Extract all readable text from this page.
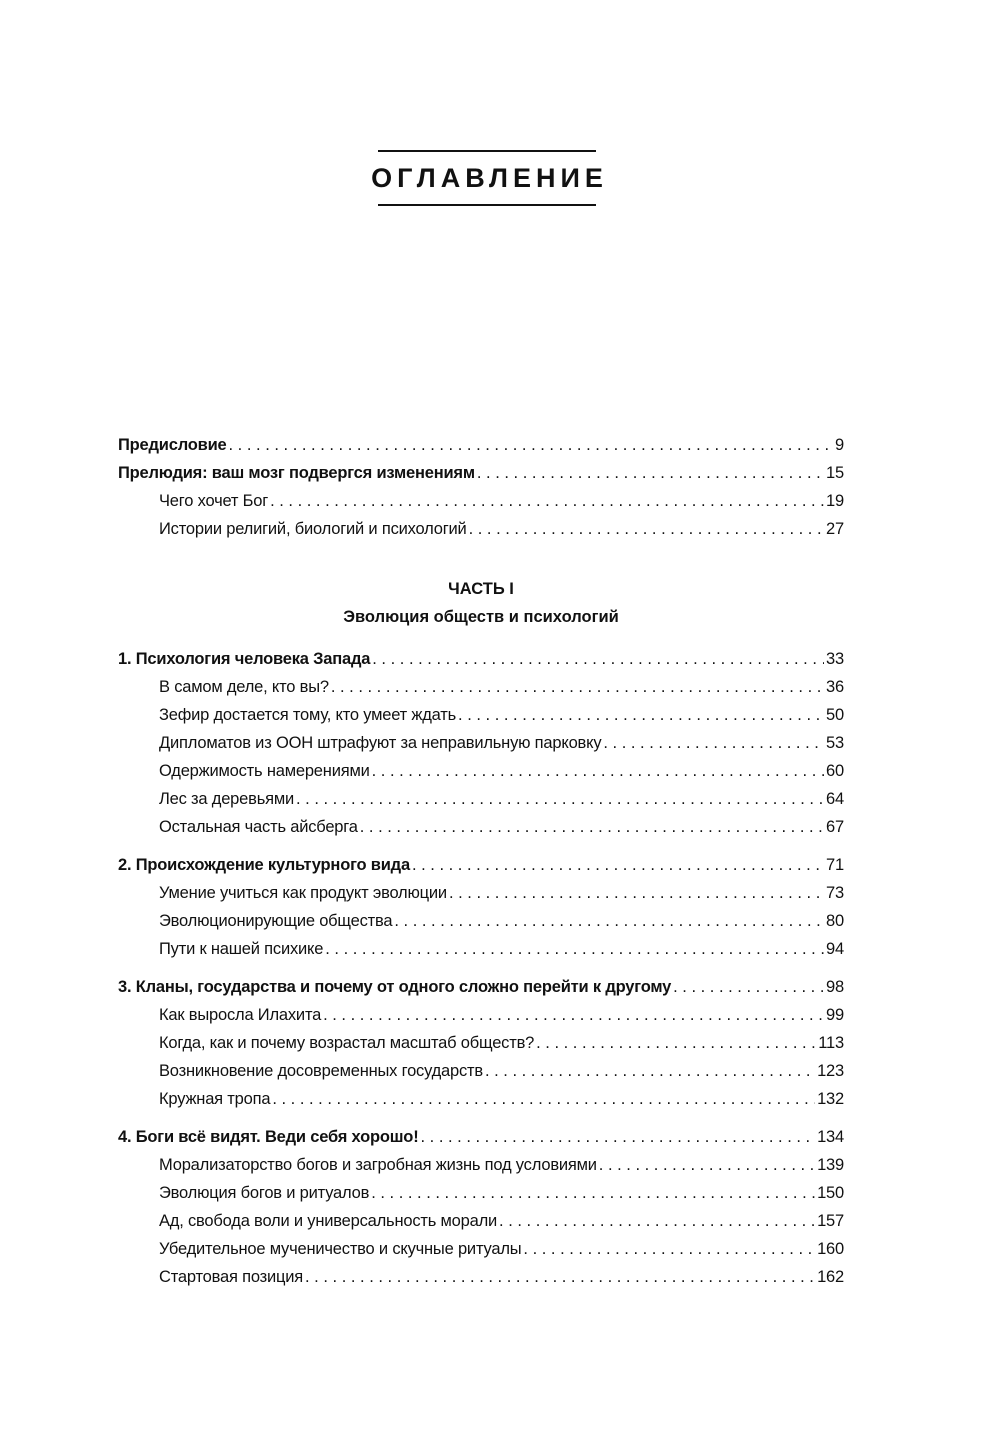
ОГЛАВЛЕНИЕ
Предисловие . . .	9
Прелюдия: ваш мозг подвергся изменениям . . .	15
Чего хочет Бог . . .	19
Истории религий, биологий и психологий . . .	27
ЧАСТЬ I
Эволюция обществ и психологий
1. Психология человека Запада . . .	33
В самом деле, кто вы? . . .	36
Зефир достается тому, кто умеет ждать . . .	50
Дипломатов из ООН штрафуют за неправильную парковку . . .	53
Одержимость намерениями . . .	60
Лес за деревьями . . .	64
Остальная часть айсберга . . .	67
2. Происхождение культурного вида . . .	71
Умение учиться как продукт эволюции . . .	73
Эволюционирующие общества . . .	80
Пути к нашей психике . . .	94
3. Кланы, государства и почему от одного сложно перейти к другому . . .	98
Как выросла Илахита . . .	99
Когда, как и почему возрастал масштаб обществ? . . .	113
Возникновение досовременных государств . . .	123
Кружная тропа . . .	132
4. Боги всё видят. Веди себя хорошо! . . .	134
Морализаторство богов и загробная жизнь под условиями . . .	139
Эволюция богов и ритуалов . . .	150
Ад, свобода воли и универсальность морали . . .	157
Убедительное мученичество и скучные ритуалы . . .	160
Стартовая позиция . . .	162
